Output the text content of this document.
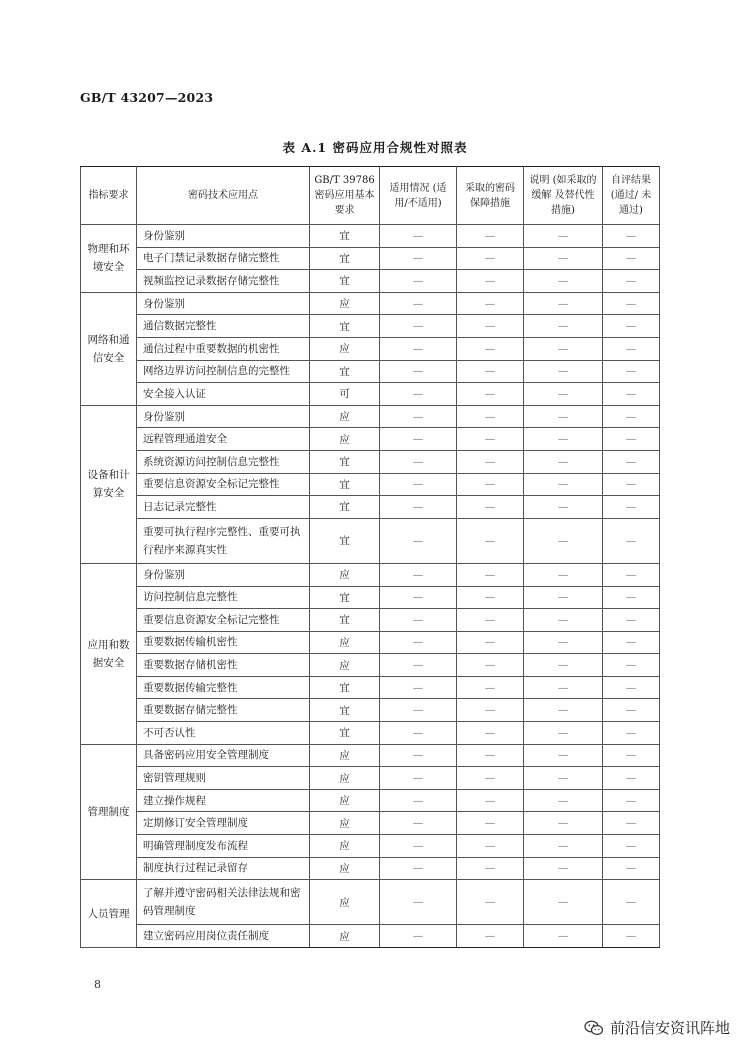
GB/T 43207—2023
表 A.1 密码应用合规性对照表
指标要求	密码技术应用点	GB/T 39786 密码应用基本要求	适用情况 (适用/不适用)	采取的密码 保障措施	说明 (如采取的缓解 及替代性措施)	自评结果 (通过/ 未通过)
物理和环境安全	身份鉴别	宜	—	—	—	—
	电子门禁记录数据存储完整性	宜	—	—	—	—
	视频监控记录数据存储完整性	宜	—	—	—	—
网络和通信安全	身份鉴别	应	—	—	—	—
	通信数据完整性	宜	—	—	—	—
	通信过程中重要数据的机密性	应	—	—	—	—
	网络边界访问控制信息的完整性	宜	—	—	—	—
	安全接入认证	可	—	—	—	—
设备和计算安全	身份鉴别	应	—	—	—	—
	远程管理通道安全	应	—	—	—	—
	系统资源访问控制信息完整性	宜	—	—	—	—
	重要信息资源安全标记完整性	宜	—	—	—	—
	日志记录完整性	宜	—	—	—	—
	重要可执行程序完整性、重要可执行程序来源真实性	宜	—	—	—	—
应用和数据安全	身份鉴别	应	—	—	—	—
	访问控制信息完整性	宜	—	—	—	—
	重要信息资源安全标记完整性	宜	—	—	—	—
	重要数据传输机密性	应	—	—	—	—
	重要数据存储机密性	应	—	—	—	—
	重要数据传输完整性	宜	—	—	—	—
	重要数据存储完整性	宜	—	—	—	—
	不可否认性	宜	—	—	—	—
管理制度	具备密码应用安全管理制度	应	—	—	—	—
	密钥管理规则	应	—	—	—	—
	建立操作规程	应	—	—	—	—
	定期修订安全管理制度	应	—	—	—	—
	明确管理制度发布流程	应	—	—	—	—
	制度执行过程记录留存	应	—	—	—	—
人员管理	了解并遵守密码相关法律法规和密码管理制度	应	—	—	—	—
	建立密码应用岗位责任制度	应	—	—	—	—
8
前沿信安资讯阵地
